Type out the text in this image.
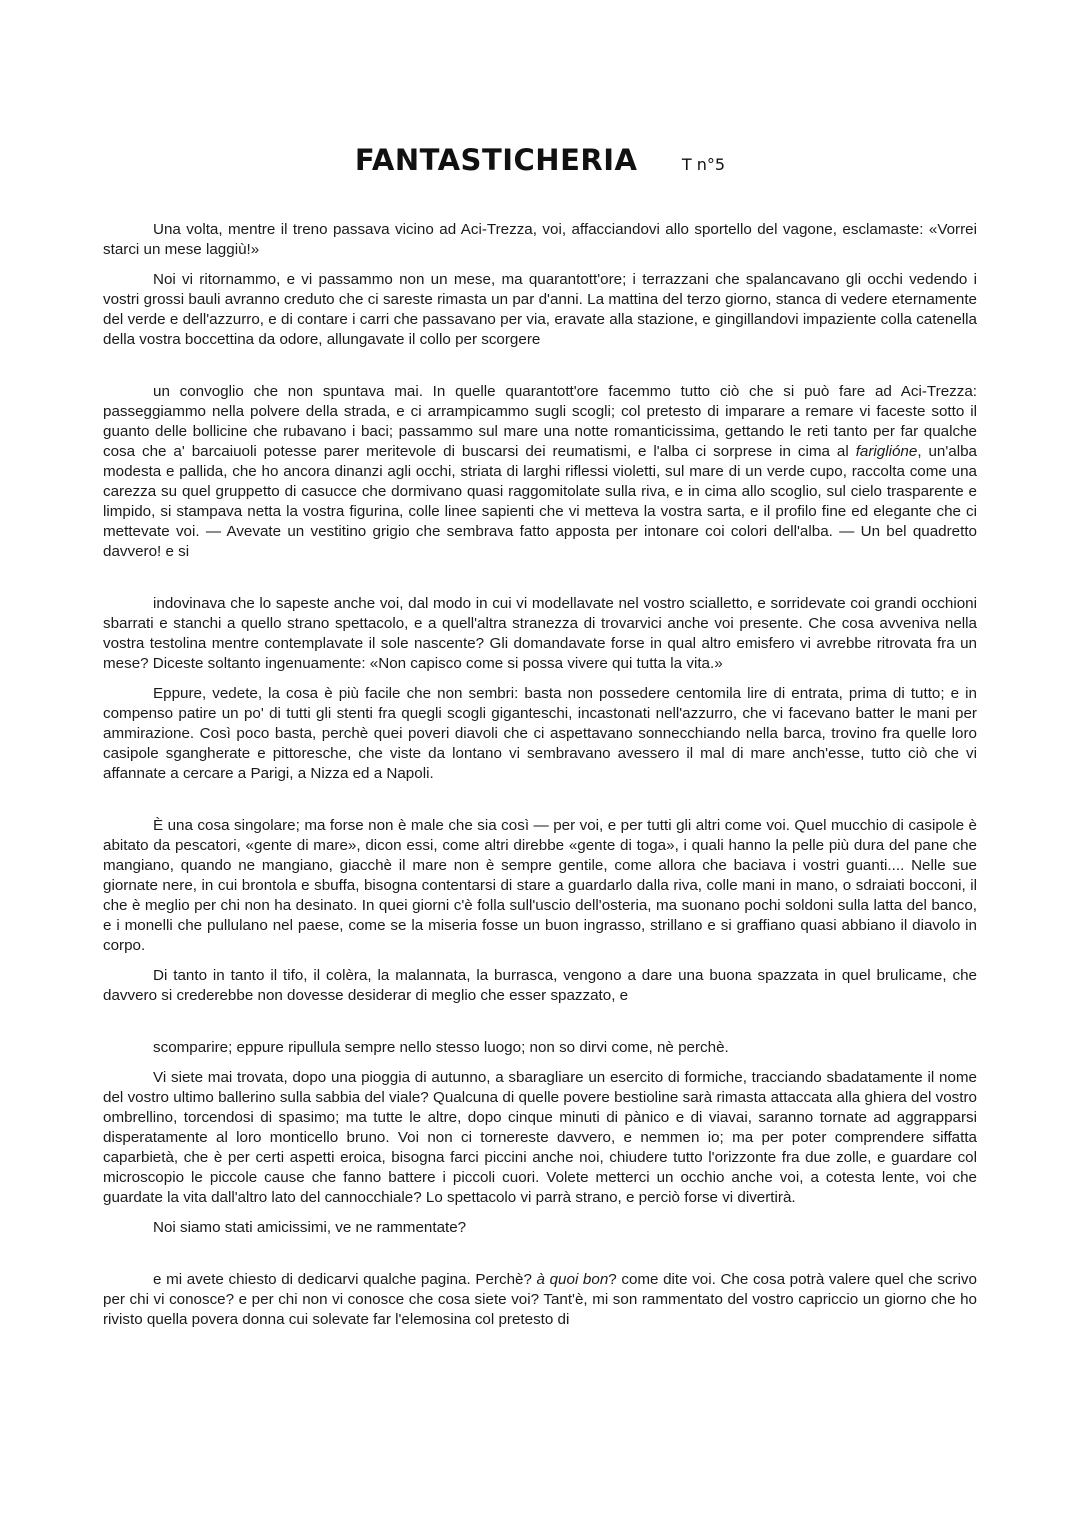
FANTASTICHERIA	T n°5

Una volta, mentre il treno passava vicino ad Aci-Trezza, voi, affacciandovi allo sportello del vagone, esclamaste: «Vorrei starci un mese laggiù!»

Noi vi ritornammo, e vi passammo non un mese, ma quarantott'ore; i terrazzani che spalancavano gli occhi vedendo i vostri grossi bauli avranno creduto che ci sareste rimasta un par d'anni. La mattina del terzo giorno, stanca di vedere eternamente del verde e dell'azzurro, e di contare i carri che passavano per via, eravate alla stazione, e gingillandovi impaziente colla catenella della vostra boccettina da odore, allungavate il collo per scorgere

un convoglio che non spuntava mai. In quelle quarantott'ore facemmo tutto ciò che si può fare ad Aci-Trezza: passeggiammo nella polvere della strada, e ci arrampicammo sugli scogli; col pretesto di imparare a remare vi faceste sotto il guanto delle bollicine che rubavano i baci; passammo sul mare una notte romanticissima, gettando le reti tanto per far qualche cosa che a' barcaiuoli potesse parer meritevole di buscarsi dei reumatismi, e l'alba ci sorprese in cima al fariglióne, un'alba modesta e pallida, che ho ancora dinanzi agli occhi, striata di larghi riflessi violetti, sul mare di un verde cupo, raccolta come una carezza su quel gruppetto di casucce che dormivano quasi raggomitolate sulla riva, e in cima allo scoglio, sul cielo trasparente e limpido, si stampava netta la vostra figurina, colle linee sapienti che vi metteva la vostra sarta, e il profilo fine ed elegante che ci mettevate voi. — Avevate un vestitino grigio che sembrava fatto apposta per intonare coi colori dell'alba. — Un bel quadretto davvero! e si

indovinava che lo sapeste anche voi, dal modo in cui vi modellavate nel vostro scialletto, e sorridevate coi grandi occhioni sbarrati e stanchi a quello strano spettacolo, e a quell'altra stranezza di trovarvici anche voi presente. Che cosa avveniva nella vostra testolina mentre contemplavate il sole nascente? Gli domandavate forse in qual altro emisfero vi avrebbe ritrovata fra un mese? Diceste soltanto ingenuamente: «Non capisco come si possa vivere qui tutta la vita.»

Eppure, vedete, la cosa è più facile che non sembri: basta non possedere centomila lire di entrata, prima di tutto; e in compenso patire un po' di tutti gli stenti fra quegli scogli giganteschi, incastonati nell'azzurro, che vi facevano batter le mani per ammirazione. Così poco basta, perchè quei poveri diavoli che ci aspettavano sonnecchiando nella barca, trovino fra quelle loro casipole sgangherate e pittoresche, che viste da lontano vi sembravano avessero il mal di mare anch'esse, tutto ciò che vi affannate a cercare a Parigi, a Nizza ed a Napoli.

È una cosa singolare; ma forse non è male che sia così — per voi, e per tutti gli altri come voi. Quel mucchio di casipole è abitato da pescatori, «gente di mare», dicon essi, come altri direbbe «gente di toga», i quali hanno la pelle più dura del pane che mangiano, quando ne mangiano, giacchè il mare non è sempre gentile, come allora che baciava i vostri guanti.... Nelle sue giornate nere, in cui brontola e sbuffa, bisogna contentarsi di stare a guardarlo dalla riva, colle mani in mano, o sdraiati bocconi, il che è meglio per chi non ha desinato. In quei giorni c'è folla sull'uscio dell'osteria, ma suonano pochi soldoni sulla latta del banco, e i monelli che pullulano nel paese, come se la miseria fosse un buon ingrasso, strillano e si graffiano quasi abbiano il diavolo in corpo.

Di tanto in tanto il tifo, il colèra, la malannata, la burrasca, vengono a dare una buona spazzata in quel brulicame, che davvero si crederebbe non dovesse desiderar di meglio che esser spazzato, e

scomparire; eppure ripullula sempre nello stesso luogo; non so dirvi come, nè perchè.

Vi siete mai trovata, dopo una pioggia di autunno, a sbaragliare un esercito di formiche, tracciando sbadatamente il nome del vostro ultimo ballerino sulla sabbia del viale? Qualcuna di quelle povere bestioline sarà rimasta attaccata alla ghiera del vostro ombrellino, torcendosi di spasimo; ma tutte le altre, dopo cinque minuti di pànico e di viavai, saranno tornate ad aggrapparsi disperatamente al loro monticello bruno. Voi non ci tornereste davvero, e nemmen io; ma per poter comprendere siffatta caparbietà, che è per certi aspetti eroica, bisogna farci piccini anche noi, chiudere tutto l'orizzonte fra due zolle, e guardare col microscopio le piccole cause che fanno battere i piccoli cuori. Volete metterci un occhio anche voi, a cotesta lente, voi che guardate la vita dall'altro lato del cannocchiale? Lo spettacolo vi parrà strano, e perciò forse vi divertirà.

Noi siamo stati amicissimi, ve ne rammentate?

e mi avete chiesto di dedicarvi qualche pagina. Perchè? à quoi bon? come dite voi. Che cosa potrà valere quel che scrivo per chi vi conosce? e per chi non vi conosce che cosa siete voi? Tant'è, mi son rammentato del vostro capriccio un giorno che ho rivisto quella povera donna cui solevate far l'elemosina col pretesto di
